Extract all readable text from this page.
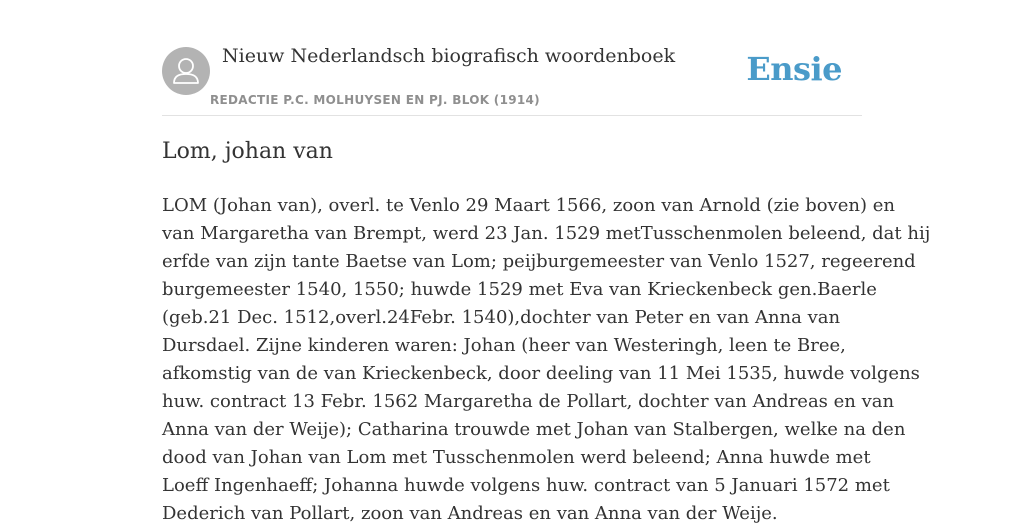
Nieuw Nederlandsch biografisch woordenboek
REDACTIE P.C. MOLHUYSEN EN PJ. BLOK (1914)
Ensie
Lom, johan van
LOM (Johan van), overl. te Venlo 29 Maart 1566, zoon van Arnold (zie boven) en
van Margaretha van Brempt, werd 23 Jan. 1529 metTusschenmolen beleend, dat hij
erfde van zijn tante Baetse van Lom; peijburgemeester van Venlo 1527, regeerend
burgemeester 1540, 1550; huwde 1529 met Eva van Krieckenbeck gen.Baerle
(geb.21 Dec. 1512,overl.24Febr. 1540),dochter van Peter en van Anna van
Dursdael. Zijne kinderen waren: Johan (heer van Westeringh, leen te Bree,
afkomstig van de van Krieckenbeck, door deeling van 11 Mei 1535, huwde volgens
huw. contract 13 Febr. 1562 Margaretha de Pollart, dochter van Andreas en van
Anna van der Weije); Catharina trouwde met Johan van Stalbergen, welke na den
dood van Johan van Lom met Tusschenmolen werd beleend; Anna huwde met
Loeff Ingenhaeff; Johanna huwde volgens huw. contract van 5 Januari 1572 met
Dederich van Pollart, zoon van Andreas en van Anna van der Weije.
